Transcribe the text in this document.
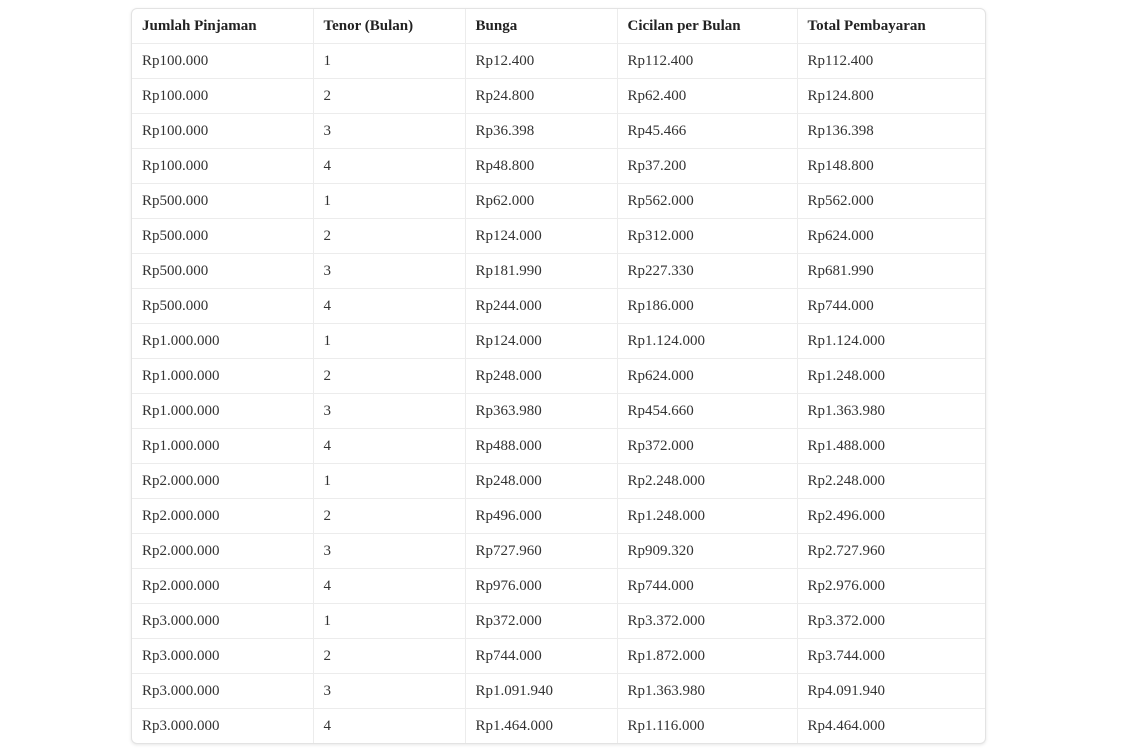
Jumlah Pinjaman	Tenor (Bulan)	Bunga	Cicilan per Bulan	Total Pembayaran
Rp100.000	1	Rp12.400	Rp112.400	Rp112.400
Rp100.000	2	Rp24.800	Rp62.400	Rp124.800
Rp100.000	3	Rp36.398	Rp45.466	Rp136.398
Rp100.000	4	Rp48.800	Rp37.200	Rp148.800
Rp500.000	1	Rp62.000	Rp562.000	Rp562.000
Rp500.000	2	Rp124.000	Rp312.000	Rp624.000
Rp500.000	3	Rp181.990	Rp227.330	Rp681.990
Rp500.000	4	Rp244.000	Rp186.000	Rp744.000
Rp1.000.000	1	Rp124.000	Rp1.124.000	Rp1.124.000
Rp1.000.000	2	Rp248.000	Rp624.000	Rp1.248.000
Rp1.000.000	3	Rp363.980	Rp454.660	Rp1.363.980
Rp1.000.000	4	Rp488.000	Rp372.000	Rp1.488.000
Rp2.000.000	1	Rp248.000	Rp2.248.000	Rp2.248.000
Rp2.000.000	2	Rp496.000	Rp1.248.000	Rp2.496.000
Rp2.000.000	3	Rp727.960	Rp909.320	Rp2.727.960
Rp2.000.000	4	Rp976.000	Rp744.000	Rp2.976.000
Rp3.000.000	1	Rp372.000	Rp3.372.000	Rp3.372.000
Rp3.000.000	2	Rp744.000	Rp1.872.000	Rp3.744.000
Rp3.000.000	3	Rp1.091.940	Rp1.363.980	Rp4.091.940
Rp3.000.000	4	Rp1.464.000	Rp1.116.000	Rp4.464.000
